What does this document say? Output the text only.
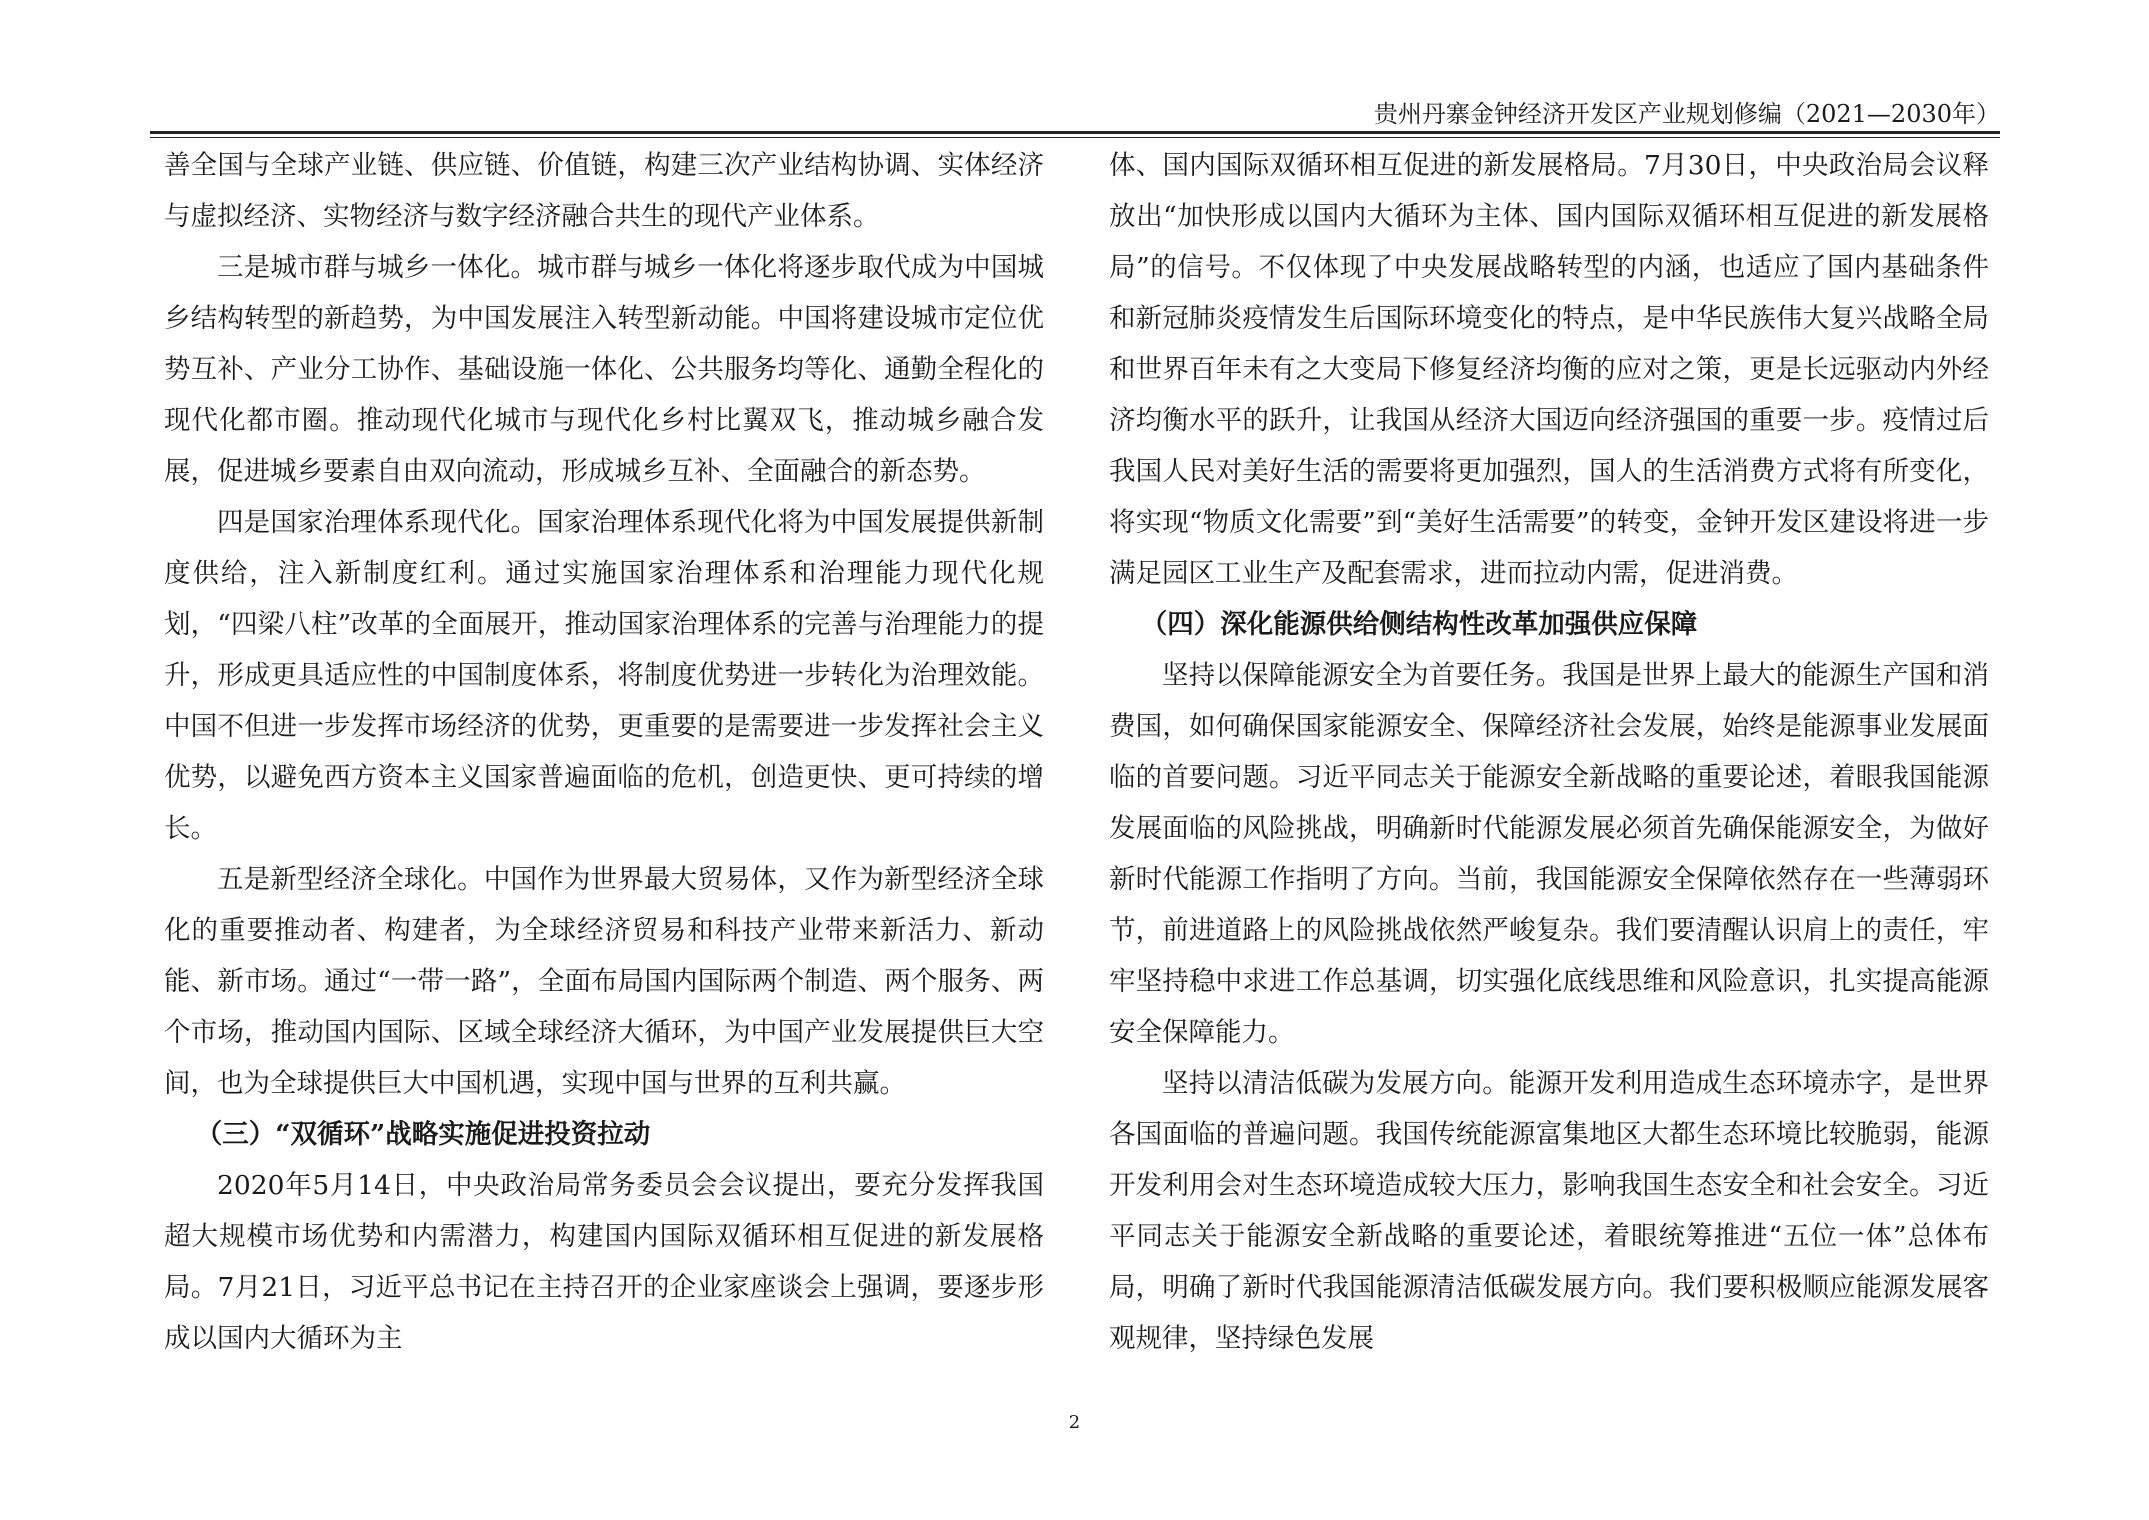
贵州丹寨金钟经济开发区产业规划修编（2021—2030年）

善全国与全球产业链、供应链、价值链，构建三次产业结构协调、实体经济与虚拟经济、实物经济与数字经济融合共生的现代产业体系。

三是城市群与城乡一体化。城市群与城乡一体化将逐步取代成为中国城乡结构转型的新趋势，为中国发展注入转型新动能。中国将建设城市定位优势互补、产业分工协作、基础设施一体化、公共服务均等化、通勤全程化的现代化都市圈。推动现代化城市与现代化乡村比翼双飞，推动城乡融合发展，促进城乡要素自由双向流动，形成城乡互补、全面融合的新态势。

四是国家治理体系现代化。国家治理体系现代化将为中国发展提供新制度供给，注入新制度红利。通过实施国家治理体系和治理能力现代化规划，“四梁八柱”改革的全面展开，推动国家治理体系的完善与治理能力的提升，形成更具适应性的中国制度体系，将制度优势进一步转化为治理效能。中国不但进一步发挥市场经济的优势，更重要的是需要进一步发挥社会主义优势，以避免西方资本主义国家普遍面临的危机，创造更快、更可持续的增长。

五是新型经济全球化。中国作为世界最大贸易体，又作为新型经济全球化的重要推动者、构建者，为全球经济贸易和科技产业带来新活力、新动能、新市场。通过“一带一路”，全面布局国内国际两个制造、两个服务、两个市场，推动国内国际、区域全球经济大循环，为中国产业发展提供巨大空间，也为全球提供巨大中国机遇，实现中国与世界的互利共赢。

（三）“双循环”战略实施促进投资拉动

2020年5月14日，中央政治局常务委员会会议提出，要充分发挥我国超大规模市场优势和内需潜力，构建国内国际双循环相互促进的新发展格局。7月21日，习近平总书记在主持召开的企业家座谈会上强调，要逐步形成以国内大循环为主

体、国内国际双循环相互促进的新发展格局。7月30日，中央政治局会议释放出“加快形成以国内大循环为主体、国内国际双循环相互促进的新发展格局”的信号。不仅体现了中央发展战略转型的内涵，也适应了国内基础条件和新冠肺炎疫情发生后国际环境变化的特点，是中华民族伟大复兴战略全局和世界百年未有之大变局下修复经济均衡的应对之策，更是长远驱动内外经济均衡水平的跃升，让我国从经济大国迈向经济强国的重要一步。疫情过后我国人民对美好生活的需要将更加强烈，国人的生活消费方式将有所变化，将实现“物质文化需要”到“美好生活需要”的转变，金钟开发区建设将进一步满足园区工业生产及配套需求，进而拉动内需，促进消费。

（四）深化能源供给侧结构性改革加强供应保障

坚持以保障能源安全为首要任务。我国是世界上最大的能源生产国和消费国，如何确保国家能源安全、保障经济社会发展，始终是能源事业发展面临的首要问题。习近平同志关于能源安全新战略的重要论述，着眼我国能源发展面临的风险挑战，明确新时代能源发展必须首先确保能源安全，为做好新时代能源工作指明了方向。当前，我国能源安全保障依然存在一些薄弱环节，前进道路上的风险挑战依然严峻复杂。我们要清醒认识肩上的责任，牢牢坚持稳中求进工作总基调，切实强化底线思维和风险意识，扎实提高能源安全保障能力。

坚持以清洁低碳为发展方向。能源开发利用造成生态环境赤字，是世界各国面临的普遍问题。我国传统能源富集地区大都生态环境比较脆弱，能源开发利用会对生态环境造成较大压力，影响我国生态安全和社会安全。习近平同志关于能源安全新战略的重要论述，着眼统筹推进“五位一体”总体布局，明确了新时代我国能源清洁低碳发展方向。我们要积极顺应能源发展客观规律，坚持绿色发展

2
